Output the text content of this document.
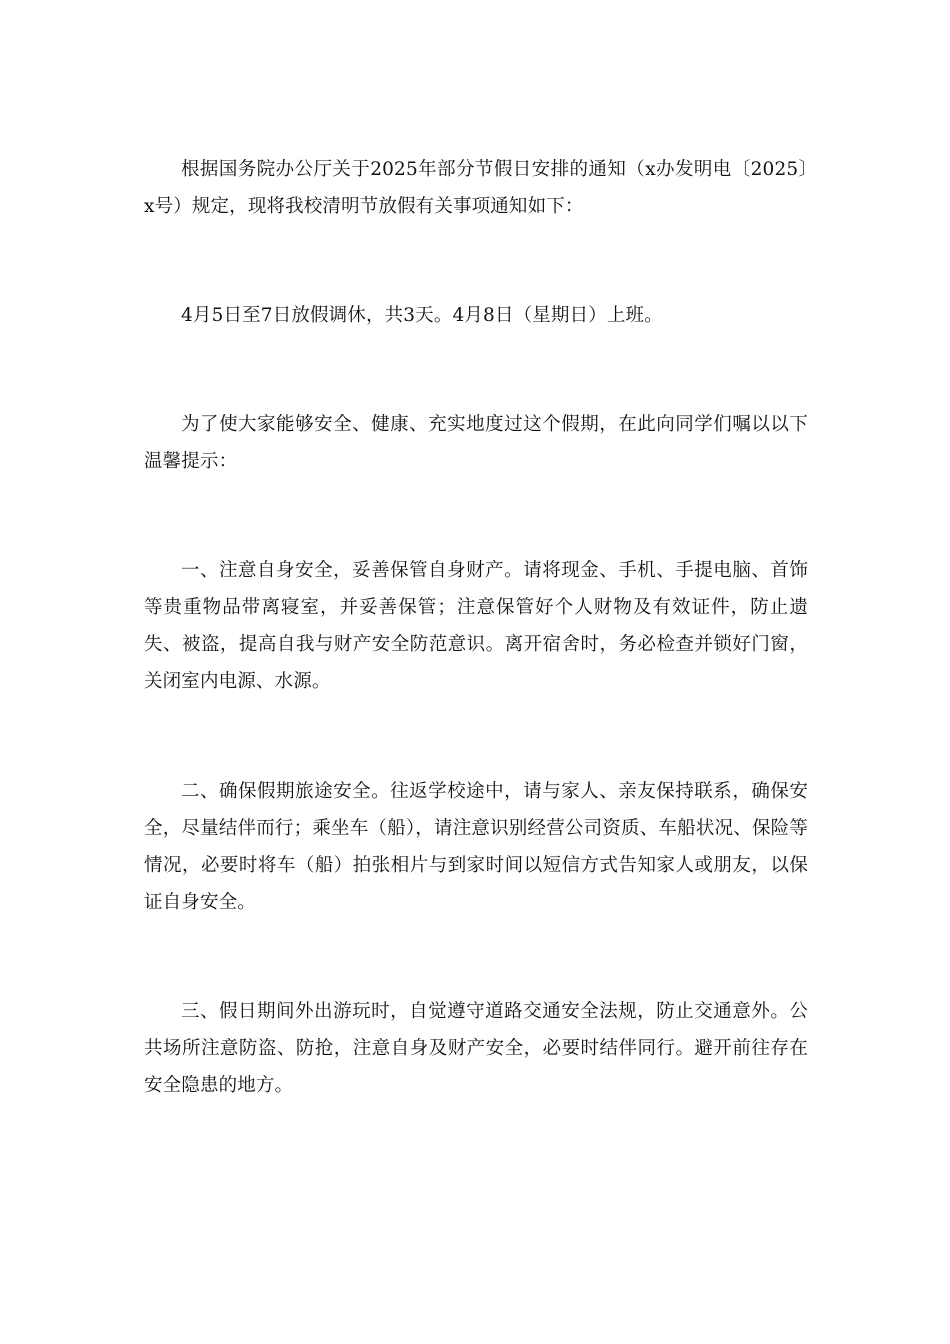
根据国务院办公厅关于2025年部分节假日安排的通知（x办发明电〔2025〕x号）规定，现将我校清明节放假有关事项通知如下：

4月5日至7日放假调休，共3天。4月8日（星期日）上班。

为了使大家能够安全、健康、充实地度过这个假期，在此向同学们嘱以以下温馨提示：

一、注意自身安全，妥善保管自身财产。请将现金、手机、手提电脑、首饰等贵重物品带离寝室，并妥善保管；注意保管好个人财物及有效证件，防止遗失、被盗，提高自我与财产安全防范意识。离开宿舍时，务必检查并锁好门窗，关闭室内电源、水源。

二、确保假期旅途安全。往返学校途中，请与家人、亲友保持联系，确保安全，尽量结伴而行；乘坐车（船），请注意识别经营公司资质、车船状况、保险等情况，必要时将车（船）拍张相片与到家时间以短信方式告知家人或朋友，以保证自身安全。

三、假日期间外出游玩时，自觉遵守道路交通安全法规，防止交通意外。公共场所注意防盗、防抢，注意自身及财产安全，必要时结伴同行。避开前往存在安全隐患的地方。
